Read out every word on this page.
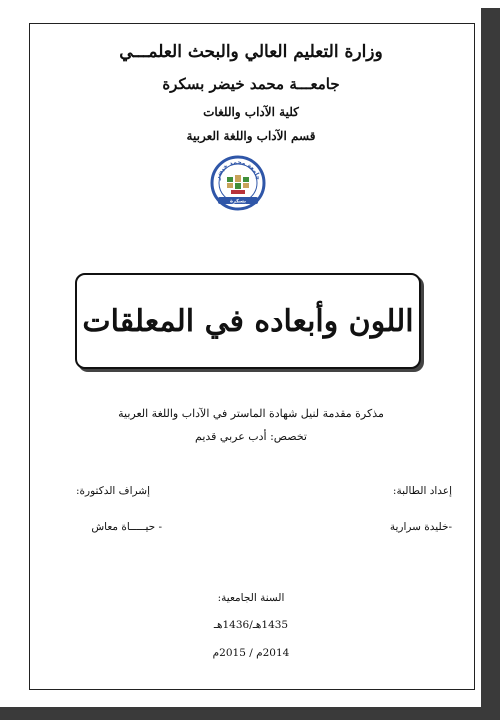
وزارة التعليم العالي والبحث العلمـــي
جامعـــة محمد خيضر بسكرة
كلية الآداب واللغات
قسم الآداب واللغة العربية
جامعة محمد خيضر
بسكرة
اللون وأبعاده في المعلقات
مذكرة مقدمة لنيل شهادة الماستر في الآداب واللغة العربية
تخصص: أدب عربي قديم
إعداد الطالبة:
إشراف الدكتورة:
-خليدة سرارية
- حيـــــاة معاش
السنة الجامعية:
1435هـ/1436هـ
2014م / 2015م
